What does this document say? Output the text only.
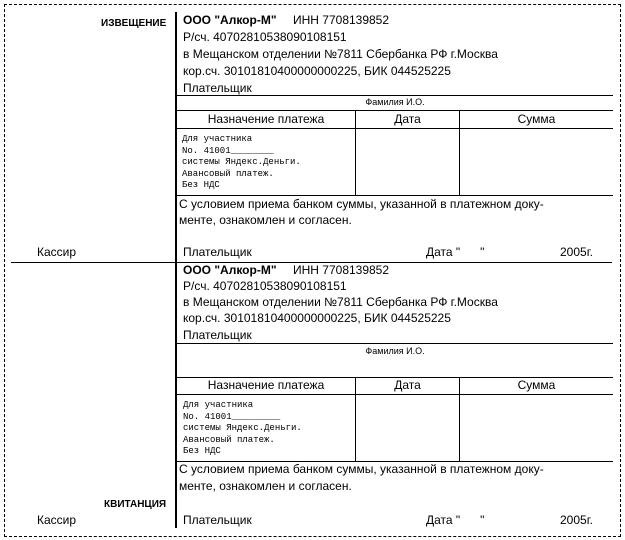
ИЗВЕЩЕНИЕ
Кассир
ООО "Алкор-М" ИНН 7708139852
Р/сч. 40702810538090108151
в Мещанском отделении №7811 Сбербанка РФ г.Москва
кор.сч. 30101810400000000225, БИК 044525225
Плательщик
Фамилия И.О.
Назначение платежа	Дата	Сумма
Для участника
No. 41001________
системы Яндекс.Деньги.
Авансовый платеж.
Без НДС
С условием приема банком суммы, указанной в платежном доку-
менте, ознакомлен и согласен.
Плательщик	Дата "      "	2005г.
КВИТАНЦИЯ
Кассир
ООО "Алкор-М" ИНН 7708139852
Р/сч. 40702810538090108151
в Мещанском отделении №7811 Сбербанка РФ г.Москва
кор.сч. 30101810400000000225, БИК 044525225
Плательщик
Фамилия И.О.
Назначение платежа	Дата	Сумма
Для участника
No. 41001_________
системы Яндекс.Деньги.
Авансовый платеж.
Без НДС
С условием приема банком суммы, указанной в платежном доку-
менте, ознакомлен и согласен.
Плательщик	Дата "      "	2005г.
